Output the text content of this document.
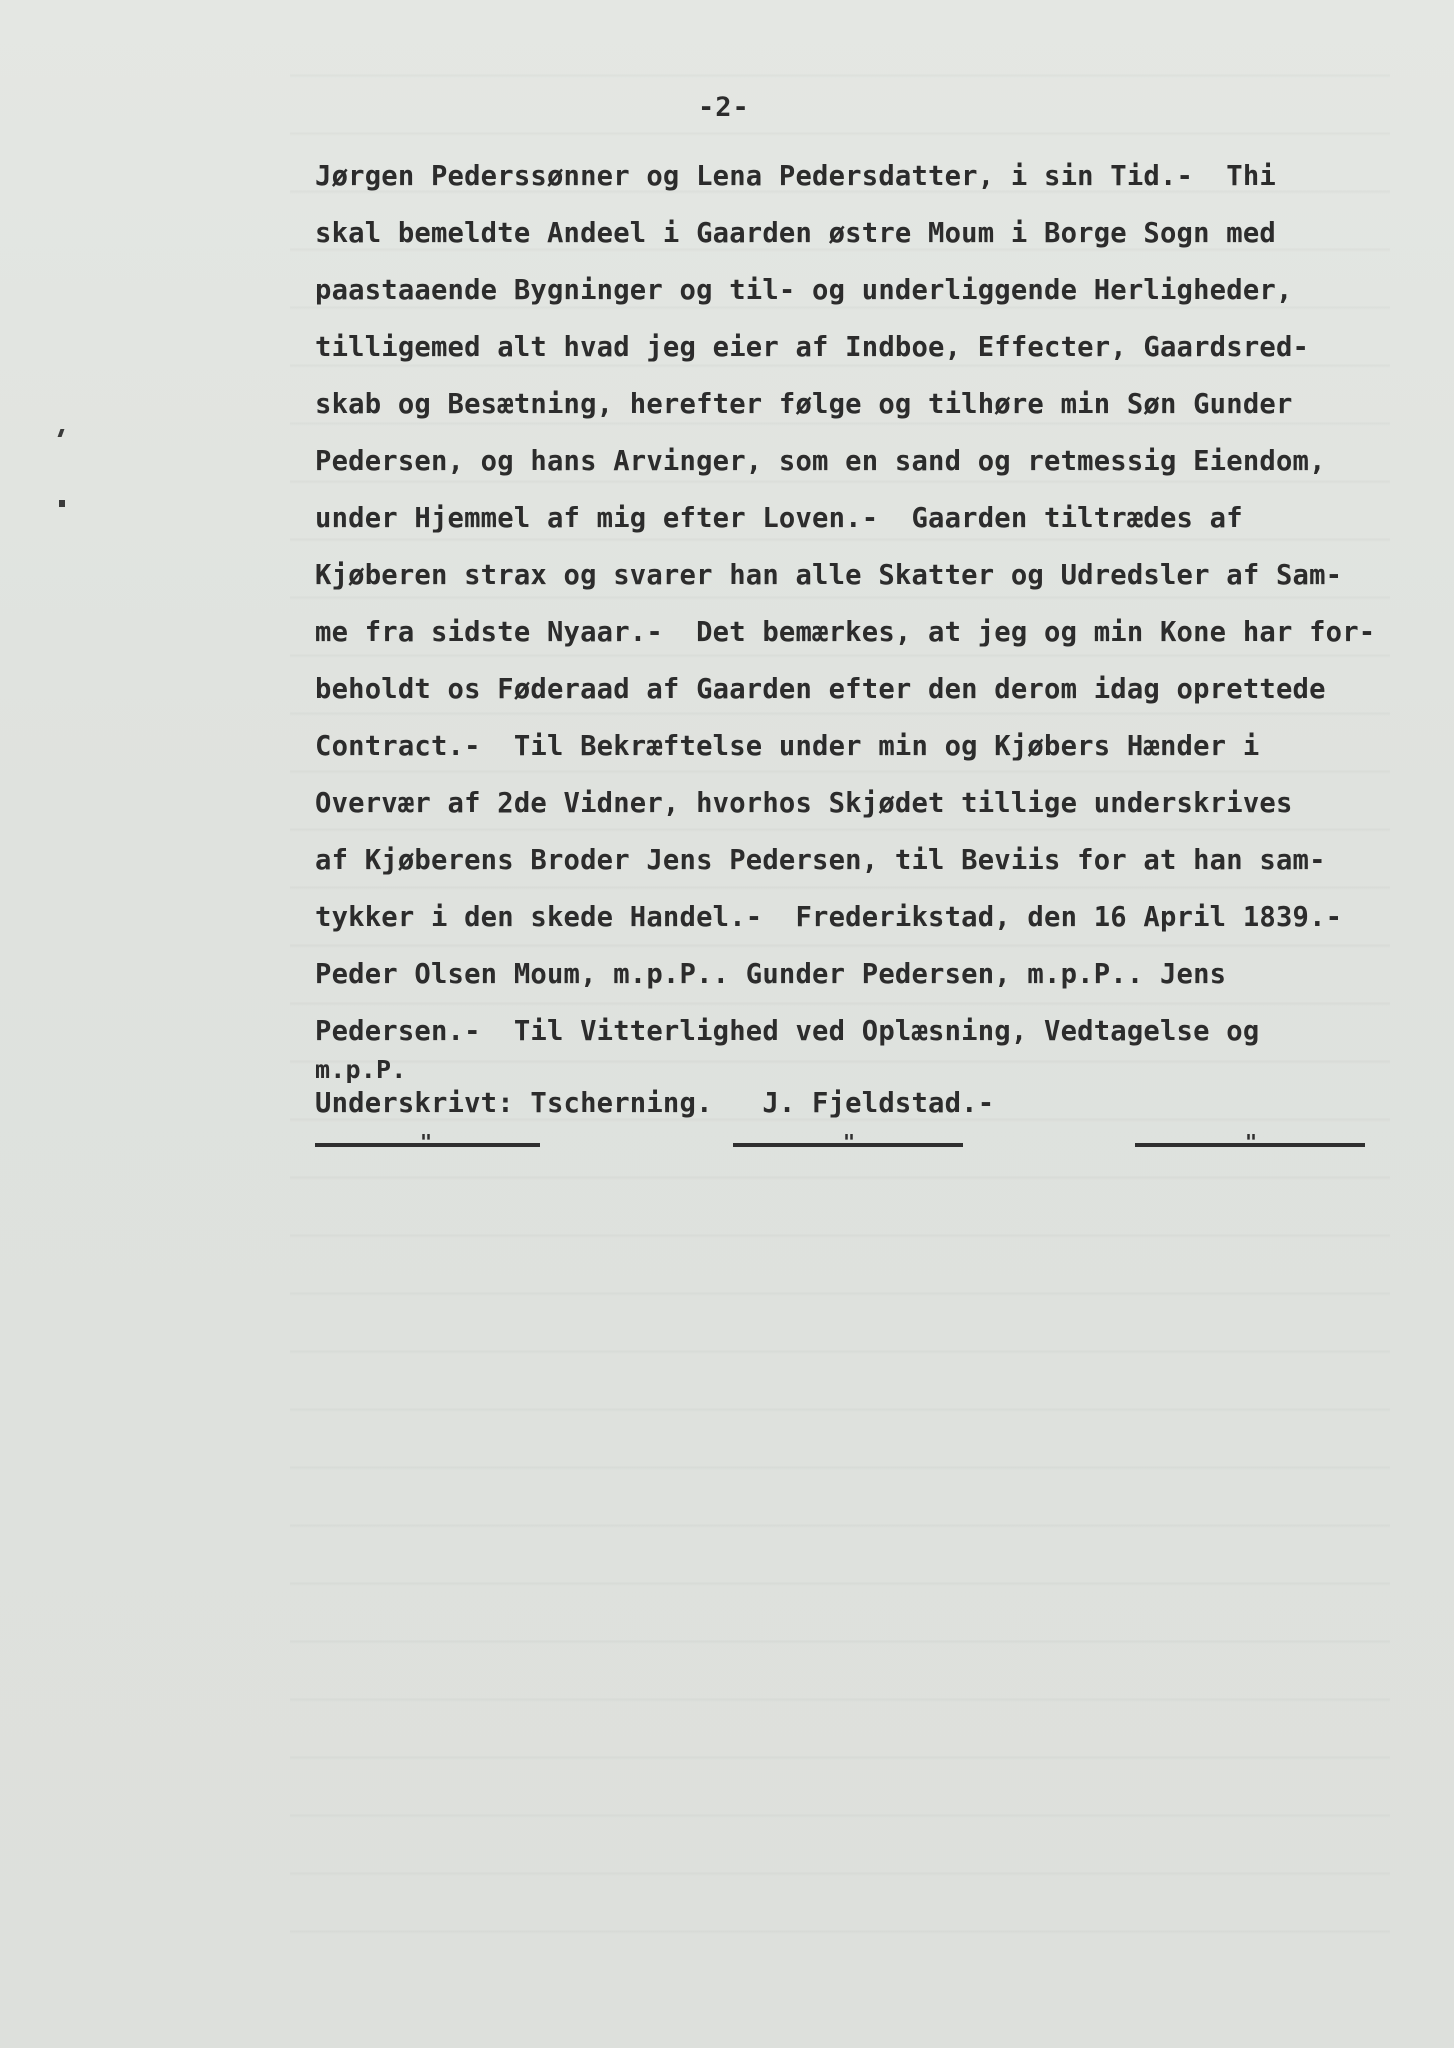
-2-
Jørgen Pederssønner og Lena Pedersdatter, i sin Tid.-  Thi
skal bemeldte Andeel i Gaarden østre Moum i Borge Sogn med
paastaaende Bygninger og til- og underliggende Herligheder,
tilligemed alt hvad jeg eier af Indboe, Effecter, Gaardsred-
skab og Besætning, herefter følge og tilhøre min Søn Gunder
Pedersen, og hans Arvinger, som en sand og retmessig Eiendom,
under Hjemmel af mig efter Loven.-  Gaarden tiltrædes af
Kjøberen strax og svarer han alle Skatter og Udredsler af Sam-
me fra sidste Nyaar.-  Det bemærkes, at jeg og min Kone har for-
beholdt os Føderaad af Gaarden efter den derom idag oprettede
Contract.-  Til Bekræftelse under min og Kjøbers Hænder i
Overvær af 2de Vidner, hvorhos Skjødet tillige underskrives
af Kjøberens Broder Jens Pedersen, til Beviis for at han sam-
tykker i den skede Handel.-  Frederikstad, den 16 April 1839.-
Peder Olsen Moum, m.p.P.. Gunder Pedersen, m.p.P.. Jens
Pedersen.-  Til Vitterlighed ved Oplæsning, Vedtagelse og
m.p.P.
Underskrivt: Tscherning.   J. Fjeldstad.-
"	"	"
